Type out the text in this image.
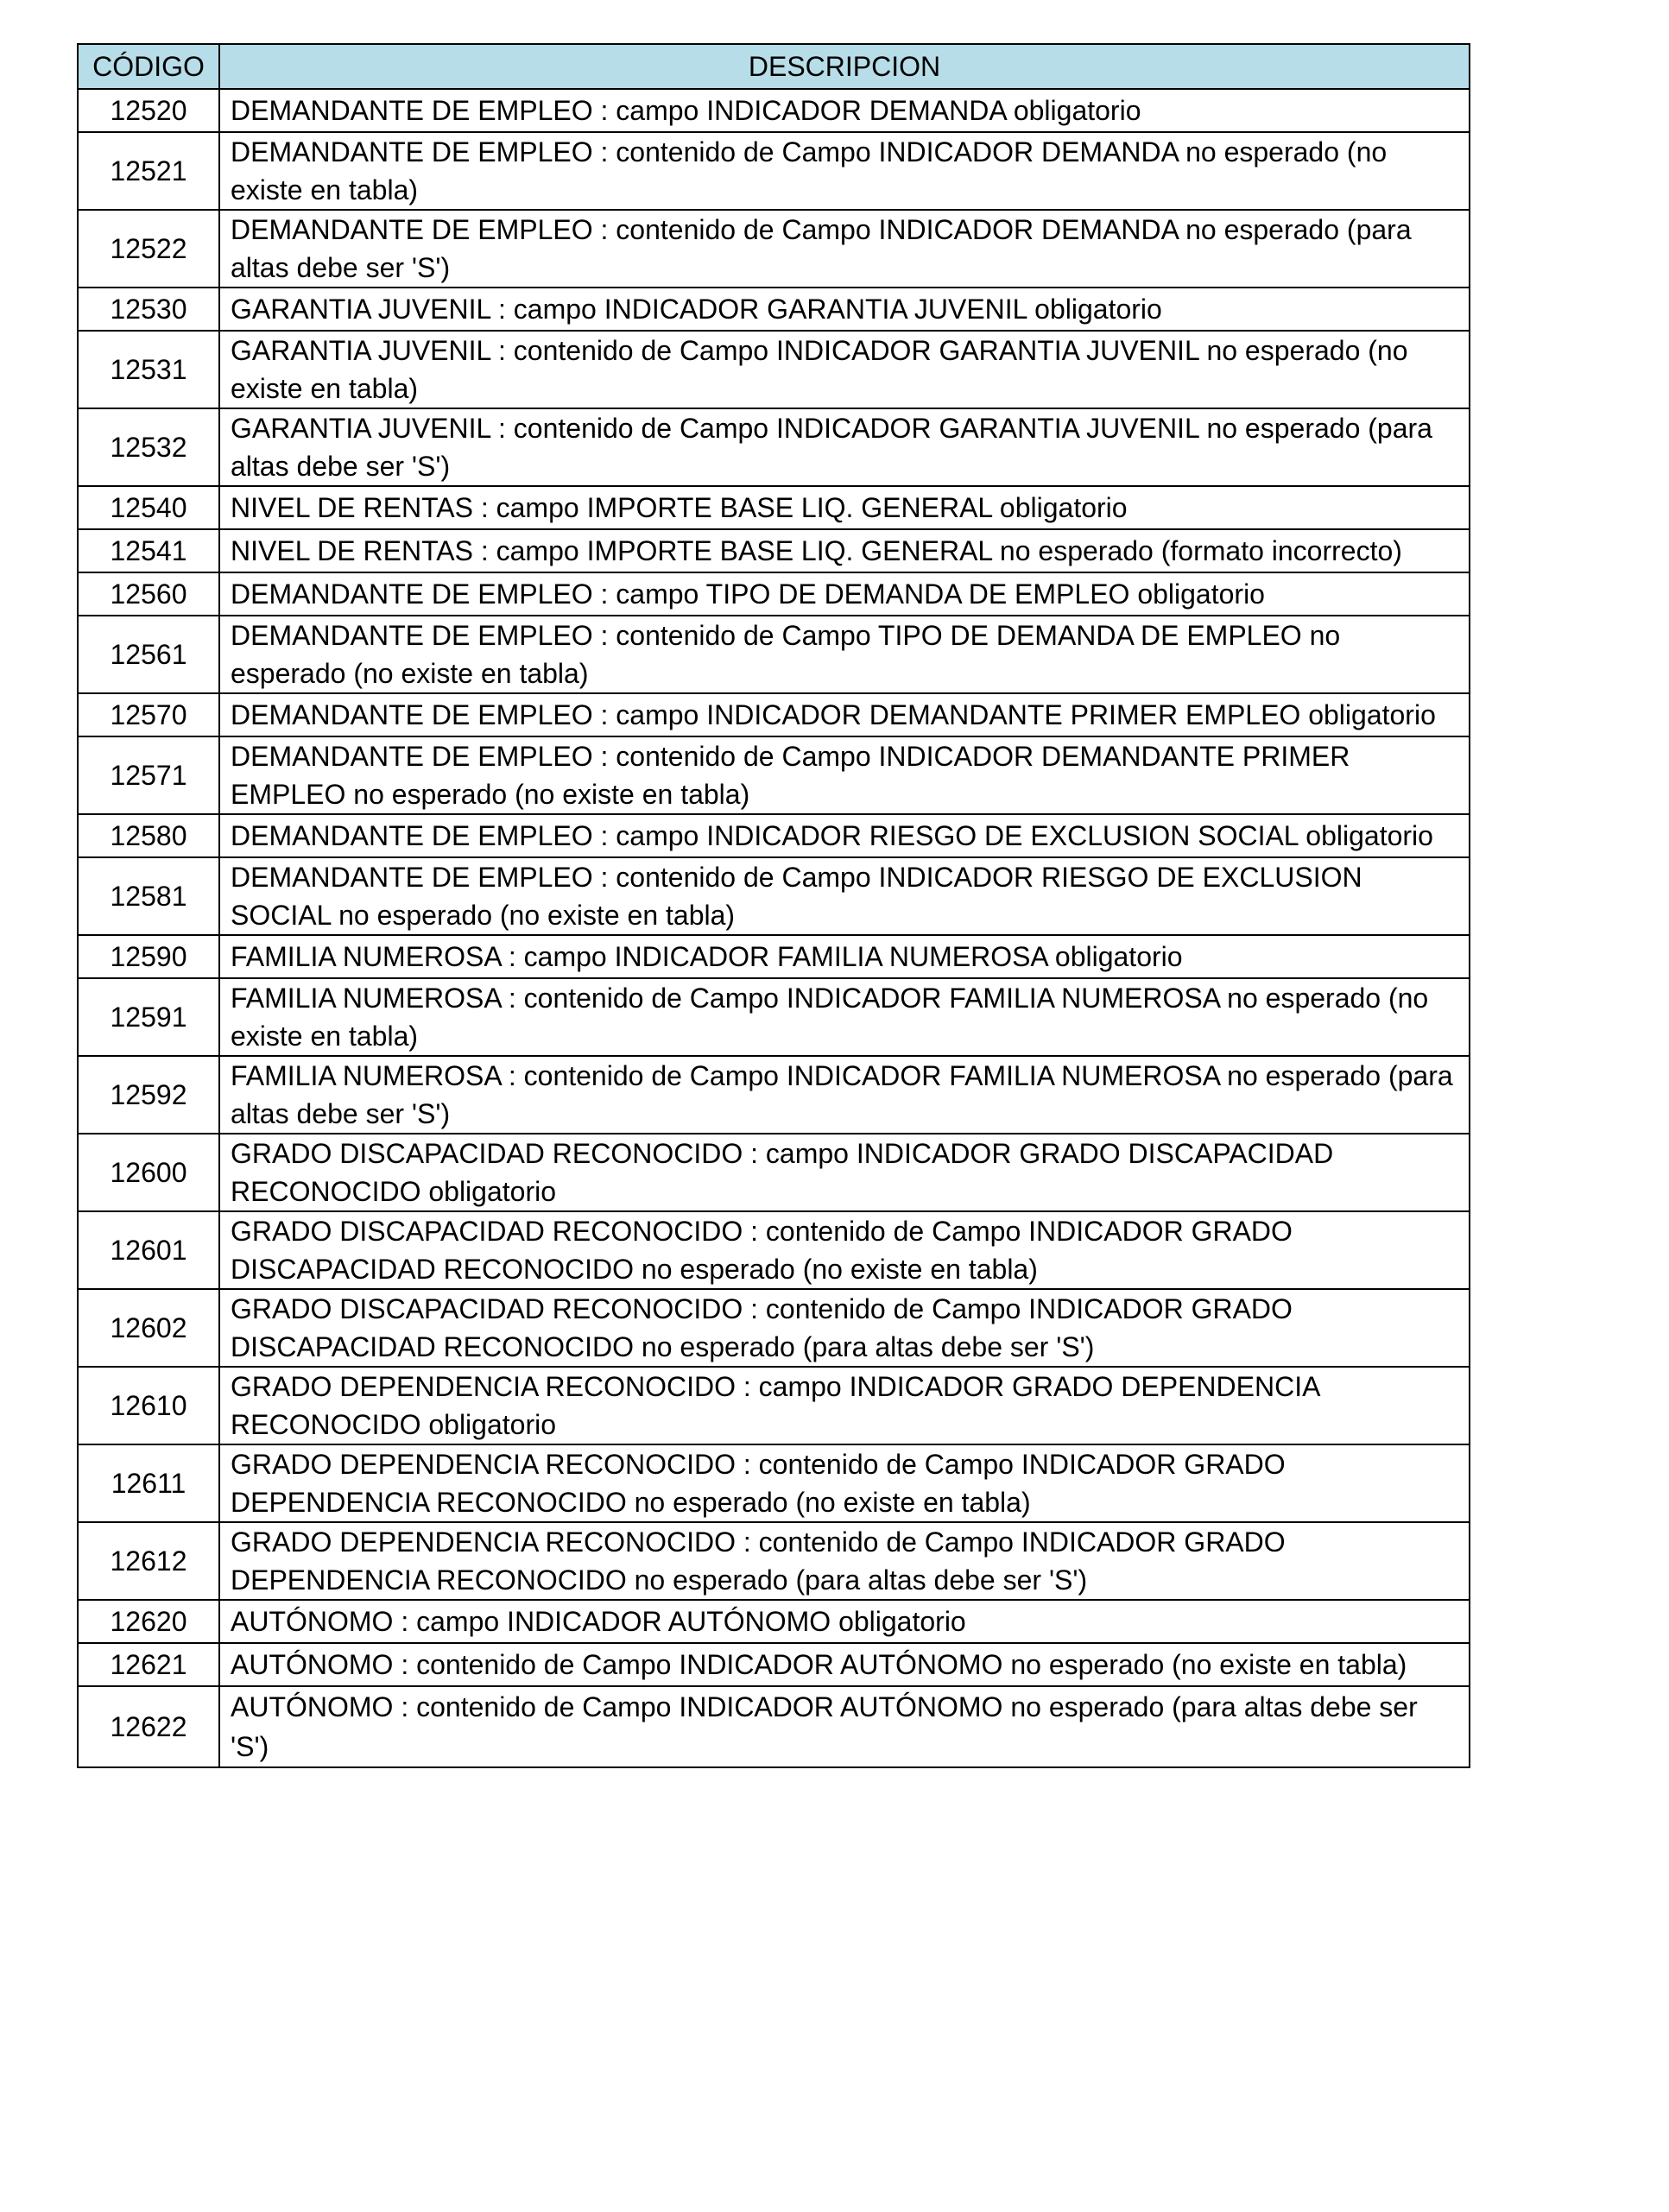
CÓDIGO	DESCRIPCION
12520	DEMANDANTE DE EMPLEO : campo INDICADOR DEMANDA obligatorio
12521	DEMANDANTE DE EMPLEO : contenido de Campo INDICADOR DEMANDA no esperado (no existe en tabla)
12522	DEMANDANTE DE EMPLEO : contenido de Campo INDICADOR DEMANDA no esperado (para altas debe ser 'S')
12530	GARANTIA JUVENIL : campo INDICADOR GARANTIA JUVENIL obligatorio
12531	GARANTIA JUVENIL : contenido de Campo INDICADOR GARANTIA JUVENIL no esperado (no existe en tabla)
12532	GARANTIA JUVENIL : contenido de Campo INDICADOR GARANTIA JUVENIL no esperado (para altas debe ser 'S')
12540	NIVEL DE RENTAS : campo IMPORTE BASE LIQ. GENERAL obligatorio
12541	NIVEL DE RENTAS : campo IMPORTE BASE LIQ. GENERAL no esperado (formato incorrecto)
12560	DEMANDANTE DE EMPLEO : campo TIPO DE DEMANDA DE EMPLEO obligatorio
12561	DEMANDANTE DE EMPLEO : contenido de Campo TIPO DE DEMANDA DE EMPLEO no esperado (no existe en tabla)
12570	DEMANDANTE DE EMPLEO : campo INDICADOR DEMANDANTE PRIMER EMPLEO obligatorio
12571	DEMANDANTE DE EMPLEO : contenido de Campo INDICADOR DEMANDANTE PRIMER EMPLEO no esperado (no existe en tabla)
12580	DEMANDANTE DE EMPLEO : campo INDICADOR RIESGO DE EXCLUSION SOCIAL obligatorio
12581	DEMANDANTE DE EMPLEO : contenido de Campo INDICADOR RIESGO DE EXCLUSION SOCIAL no esperado (no existe en tabla)
12590	FAMILIA NUMEROSA : campo INDICADOR FAMILIA NUMEROSA obligatorio
12591	FAMILIA NUMEROSA : contenido de Campo INDICADOR FAMILIA NUMEROSA no esperado (no existe en tabla)
12592	FAMILIA NUMEROSA : contenido de Campo INDICADOR FAMILIA NUMEROSA no esperado (para altas debe ser 'S')
12600	GRADO DISCAPACIDAD RECONOCIDO : campo INDICADOR GRADO DISCAPACIDAD RECONOCIDO obligatorio
12601	GRADO DISCAPACIDAD RECONOCIDO : contenido de Campo INDICADOR GRADO DISCAPACIDAD RECONOCIDO no esperado (no existe en tabla)
12602	GRADO DISCAPACIDAD RECONOCIDO : contenido de Campo INDICADOR GRADO DISCAPACIDAD RECONOCIDO no esperado (para altas debe ser 'S')
12610	GRADO DEPENDENCIA RECONOCIDO : campo INDICADOR GRADO DEPENDENCIA RECONOCIDO obligatorio
12611	GRADO DEPENDENCIA RECONOCIDO : contenido de Campo INDICADOR GRADO DEPENDENCIA RECONOCIDO no esperado (no existe en tabla)
12612	GRADO DEPENDENCIA RECONOCIDO : contenido de Campo INDICADOR GRADO DEPENDENCIA RECONOCIDO no esperado (para altas debe ser 'S')
12620	AUTÓNOMO : campo INDICADOR AUTÓNOMO obligatorio
12621	AUTÓNOMO : contenido de Campo INDICADOR AUTÓNOMO no esperado (no existe en tabla)
12622	AUTÓNOMO : contenido de Campo INDICADOR AUTÓNOMO no esperado (para altas debe ser 'S')
